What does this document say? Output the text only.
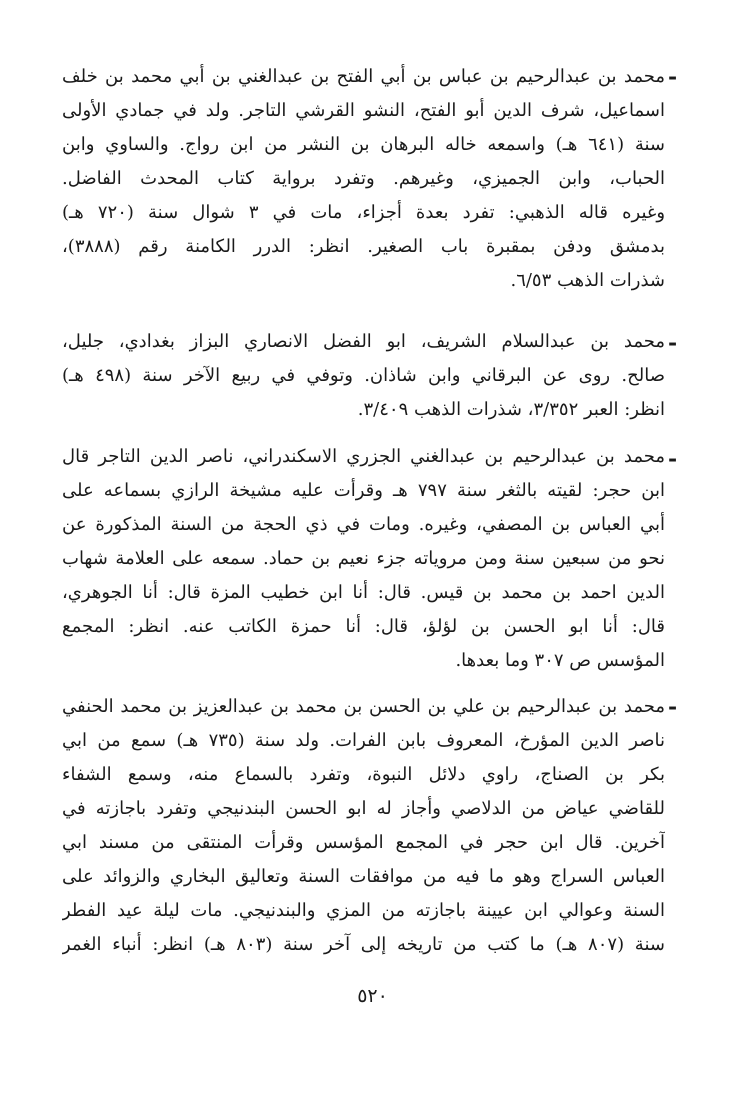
-
محمد بن عبدالرحيم بن عباس بن أبي الفتح بن عبدالغني بن أبي محمد بن خلف
اسماعيل، شرف الدين أبو الفتح، النشو القرشي التاجر. ولد في جمادي الأولى
سنة (٦٤١ هـ) واسمعه خاله البرهان بن النشر من ابن رواج. والساوي وابن
الحباب، وابن الجميزي، وغيرهم. وتفرد برواية كتاب المحدث الفاضل.
وغيره قاله الذهبي: تفرد بعدة أجزاء، مات في ٣ شوال سنة (٧٢٠ هـ)
بدمشق ودفن بمقبرة باب الصغير. انظر: الدرر الكامنة رقم (٣٨٨٨)،
شذرات الذهب ٦/٥٣.
-
محمد بن عبدالسلام الشريف، ابو الفضل الانصاري البزاز بغدادي، جليل،
صالح. روى عن البرقاني وابن شاذان. وتوفي في ربيع الآخر سنة (٤٩٨ هـ)
انظر: العبر ٣/٣٥٢، شذرات الذهب ٣/٤٠٩.
-
محمد بن عبدالرحيم بن عبدالغني الجزري الاسكندراني، ناصر الدين التاجر قال
ابن حجر: لقيته بالثغر سنة ٧٩٧ هـ وقرأت عليه مشيخة الرازي بسماعه على
أبي العباس بن المصفي، وغيره. ومات في ذي الحجة من السنة المذكورة عن
نحو من سبعين سنة ومن مروياته جزء نعيم بن حماد. سمعه على العلامة شهاب
الدين احمد بن محمد بن قيس. قال: أنا ابن خطيب المزة قال: أنا الجوهري،
قال: أنا ابو الحسن بن لؤلؤ، قال: أنا حمزة الكاتب عنه. انظر: المجمع
المؤسس ص ٣٠٧ وما بعدها.
-
محمد بن عبدالرحيم بن علي بن الحسن بن محمد بن عبدالعزيز بن محمد الحنفي
ناصر الدين المؤرخ، المعروف بابن الفرات. ولد سنة (٧٣٥ هـ) سمع من ابي
بكر بن الصناج، راوي دلائل النبوة، وتفرد بالسماع منه، وسمع الشفاء
للقاضي عياض من الدلاصي وأجاز له ابو الحسن البندنيجي وتفرد باجازته في
آخرين. قال ابن حجر في المجمع المؤسس وقرأت المنتقى من مسند ابي
العباس السراج وهو ما فيه من موافقات السنة وتعاليق البخاري والزوائد على
السنة وعوالي ابن عيينة باجازته من المزي والبندنيجي. مات ليلة عيد الفطر
سنة (٨٠٧ هـ) ما كتب من تاريخه إلى آخر سنة (٨٠٣ هـ) انظر: أنباء الغمر
٥٢٠
